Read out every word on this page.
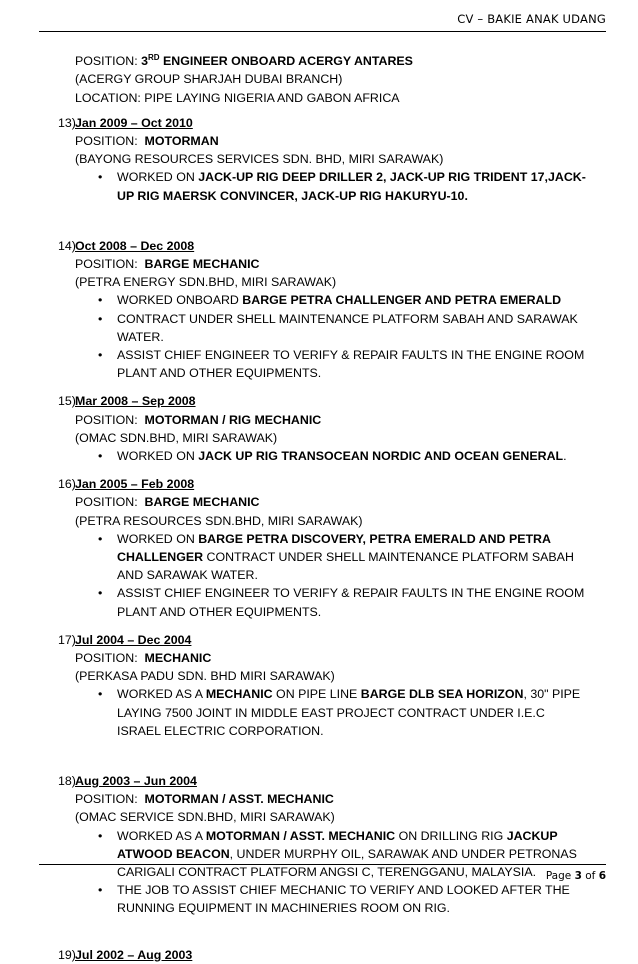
CV – BAKIE ANAK UDANG
POSITION: 3RD ENGINEER ONBOARD ACERGY ANTARES
(ACERGY GROUP SHARJAH DUBAI BRANCH)
LOCATION: PIPE LAYING NIGERIA AND GABON AFRICA
13)Jan 2009 – Oct 2010
POSITION: MOTORMAN
(BAYONG RESOURCES SERVICES SDN. BHD, MIRI SARAWAK)
• WORKED ON JACK-UP RIG DEEP DRILLER 2, JACK-UP RIG TRIDENT 17,JACK-
UP RIG MAERSK CONVINCER, JACK-UP RIG HAKURYU-10.
14)Oct 2008 – Dec 2008
POSITION: BARGE MECHANIC
(PETRA ENERGY SDN.BHD, MIRI SARAWAK)
• WORKED ONBOARD BARGE PETRA CHALLENGER AND PETRA EMERALD
• CONTRACT UNDER SHELL MAINTENANCE PLATFORM SABAH AND SARAWAK
WATER.
• ASSIST CHIEF ENGINEER TO VERIFY & REPAIR FAULTS IN THE ENGINE ROOM
PLANT AND OTHER EQUIPMENTS.
15)Mar 2008 – Sep 2008
POSITION: MOTORMAN / RIG MECHANIC
(OMAC SDN.BHD, MIRI SARAWAK)
• WORKED ON JACK UP RIG TRANSOCEAN NORDIC AND OCEAN GENERAL.
16)Jan 2005 – Feb 2008
POSITION: BARGE MECHANIC
(PETRA RESOURCES SDN.BHD, MIRI SARAWAK)
• WORKED ON BARGE PETRA DISCOVERY, PETRA EMERALD AND PETRA
CHALLENGER CONTRACT UNDER SHELL MAINTENANCE PLATFORM SABAH
AND SARAWAK WATER.
• ASSIST CHIEF ENGINEER TO VERIFY & REPAIR FAULTS IN THE ENGINE ROOM
PLANT AND OTHER EQUIPMENTS.
17)Jul 2004 – Dec 2004
POSITION: MECHANIC
(PERKASA PADU SDN. BHD MIRI SARAWAK)
• WORKED AS A MECHANIC ON PIPE LINE BARGE DLB SEA HORIZON, 30" PIPE
LAYING 7500 JOINT IN MIDDLE EAST PROJECT CONTRACT UNDER I.E.C
ISRAEL ELECTRIC CORPORATION.
18)Aug 2003 – Jun 2004
POSITION: MOTORMAN / ASST. MECHANIC
(OMAC SERVICE SDN.BHD, MIRI SARAWAK)
• WORKED AS A MOTORMAN / ASST. MECHANIC ON DRILLING RIG JACKUP
ATWOOD BEACON, UNDER MURPHY OIL, SARAWAK AND UNDER PETRONAS
CARIGALI CONTRACT PLATFORM ANGSI C, TERENGGANU, MALAYSIA.
• THE JOB TO ASSIST CHIEF MECHANIC TO VERIFY AND LOOKED AFTER THE
RUNNING EQUIPMENT IN MACHINERIES ROOM ON RIG.
19)Jul 2002 – Aug 2003
Page 3 of 6
